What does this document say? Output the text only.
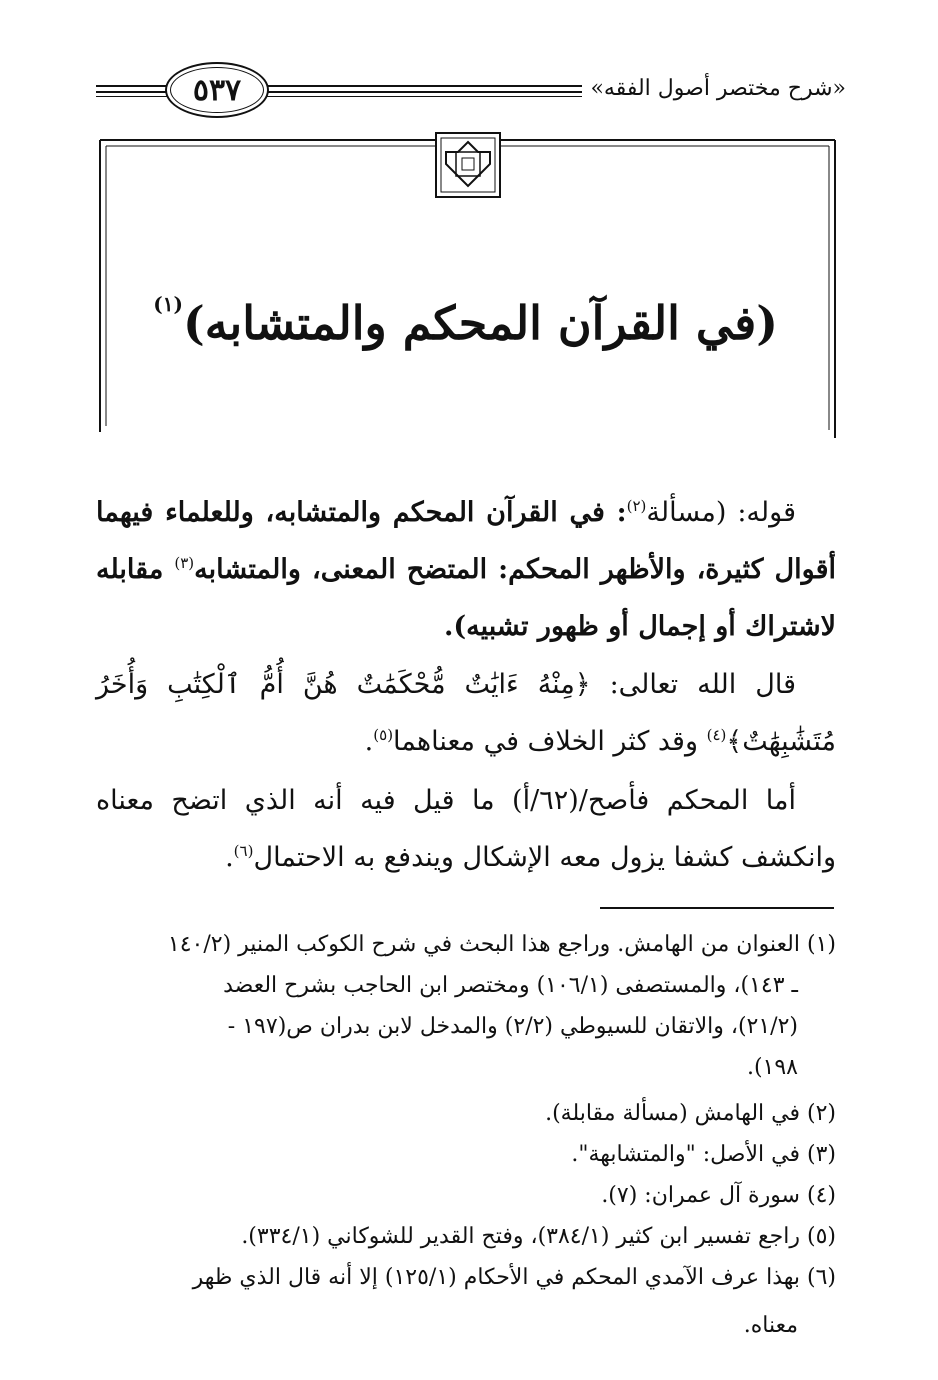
٥٣٧	«شرح مختصر أصول الفقه»
(في القرآن المحكم والمتشابه)$^{(١)}$

قوله: (مسألة$^{(٢)}$: في القرآن المحكم والمتشابه، وللعلماء فيهما أقوال كثيرة، والأظهر المحكم: المتضح المعنى، والمتشابه$^{(٣)}$ مقابله لاشتراك أو إجمال أو ظهور تشبيه).

قال الله تعالى: ﴿مِنْهُ ءَايَٰتٌ مُّحْكَمَٰتٌ هُنَّ أُمُّ ٱلْكِتَٰبِ وَأُخَرُ مُتَشَٰبِهَٰتٌ﴾$^{(٤)}$ وقد كثر الخلاف في معناهما$^{(٥)}$.

أما المحكم فأصح/(٦٢/أ) ما قيل فيه أنه الذي اتضح معناه وانكشف كشفا يزول معه الإشكال ويندفع به الاحتمال$^{(٦)}$.

(١) العنوان من الهامش. وراجع هذا البحث في شرح الكوكب المنير (١٤٠/٢

ـ ١٤٣)، والمستصفى (١٠٦/١) ومختصر ابن الحاجب بشرح العضد

(٢١/٢)، والاتقان للسيوطي (٢/٢) والمدخل لابن بدران ص(١٩٧ -

١٩٨).

(٢) في الهامش (مسألة مقابلة).

(٣) في الأصل: "والمتشابهة".

(٤) سورة آل عمران: (٧).

(٥) راجع تفسير ابن كثير (٣٨٤/١)، وفتح القدير للشوكاني (٣٣٤/١).

(٦) بهذا عرف الآمدي المحكم في الأحكام (١٢٥/١) إلا أنه قال الذي ظهر

معناه.
